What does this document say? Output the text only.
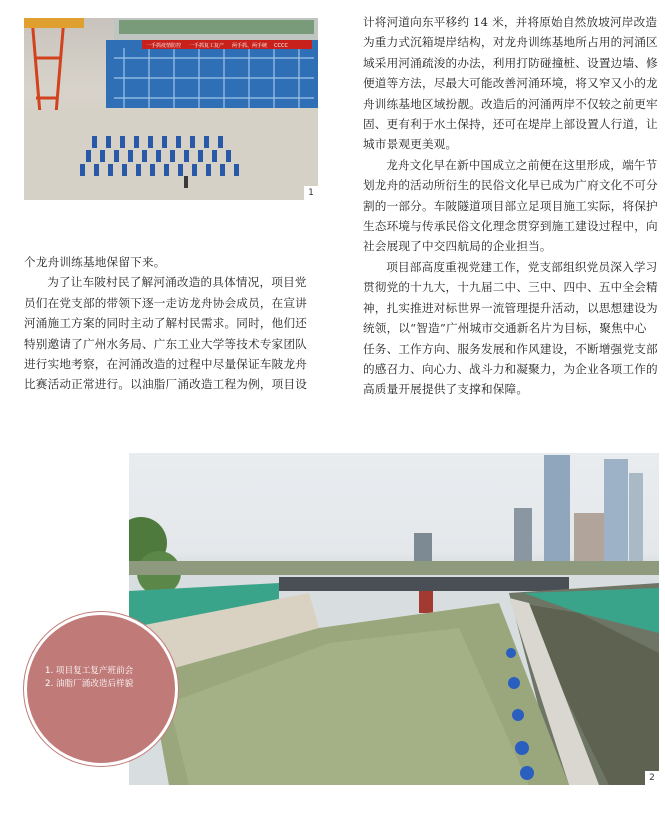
一手抓疫情防控 一手抓复工复产 两手抓、两手硬 CCCC
1

个龙舟训练基地保留下来。

为了让车陂村民了解河涌改造的具体情况，项目党员们在党支部的带领下逐一走访龙舟协会成员，在宣讲河涌施工方案的同时主动了解村民需求。同时，他们还特别邀请了广州水务局、广东工业大学等技术专家团队进行实地考察，在河涌改造的过程中尽量保证车陂龙舟比赛活动正常进行。以油脂厂涌改造工程为例，项目设

计将河道向东平移约 14 米，并将原始自然放坡河岸改造为重力式沉箱堤岸结构，对龙舟训练基地所占用的河涌区域采用河涌疏浚的办法，利用打防碰撞桩、设置边墙、修便道等方法，尽最大可能改善河涌环境，将又窄又小的龙舟训练基地区域扮靓。改造后的河涌两岸不仅较之前更牢固、更有利于水土保持，还可在堤岸上部设置人行道，让城市景观更美观。

龙舟文化早在新中国成立之前便在这里形成，端午节划龙舟的活动所衍生的民俗文化早已成为广府文化不可分割的一部分。车陂隧道项目部立足项目施工实际，将保护生态环境与传承民俗文化理念贯穿到施工建设过程中，向社会展现了中交四航局的企业担当。

项目部高度重视党建工作，党支部组织党员深入学习贯彻党的十九大，十九届二中、三中、四中、五中全会精神，扎实推进对标世界一流管理提升活动，以思想建设为统领，以“智造”广州城市交通新名片为目标，聚焦中心任务、工作方向、服务发展和作风建设，不断增强党支部的感召力、向心力、战斗力和凝聚力，为企业各项工作的高质量开展提供了支撑和保障。

2
1. 项目复工复产班前会
2. 油脂厂涌改造后样貌
